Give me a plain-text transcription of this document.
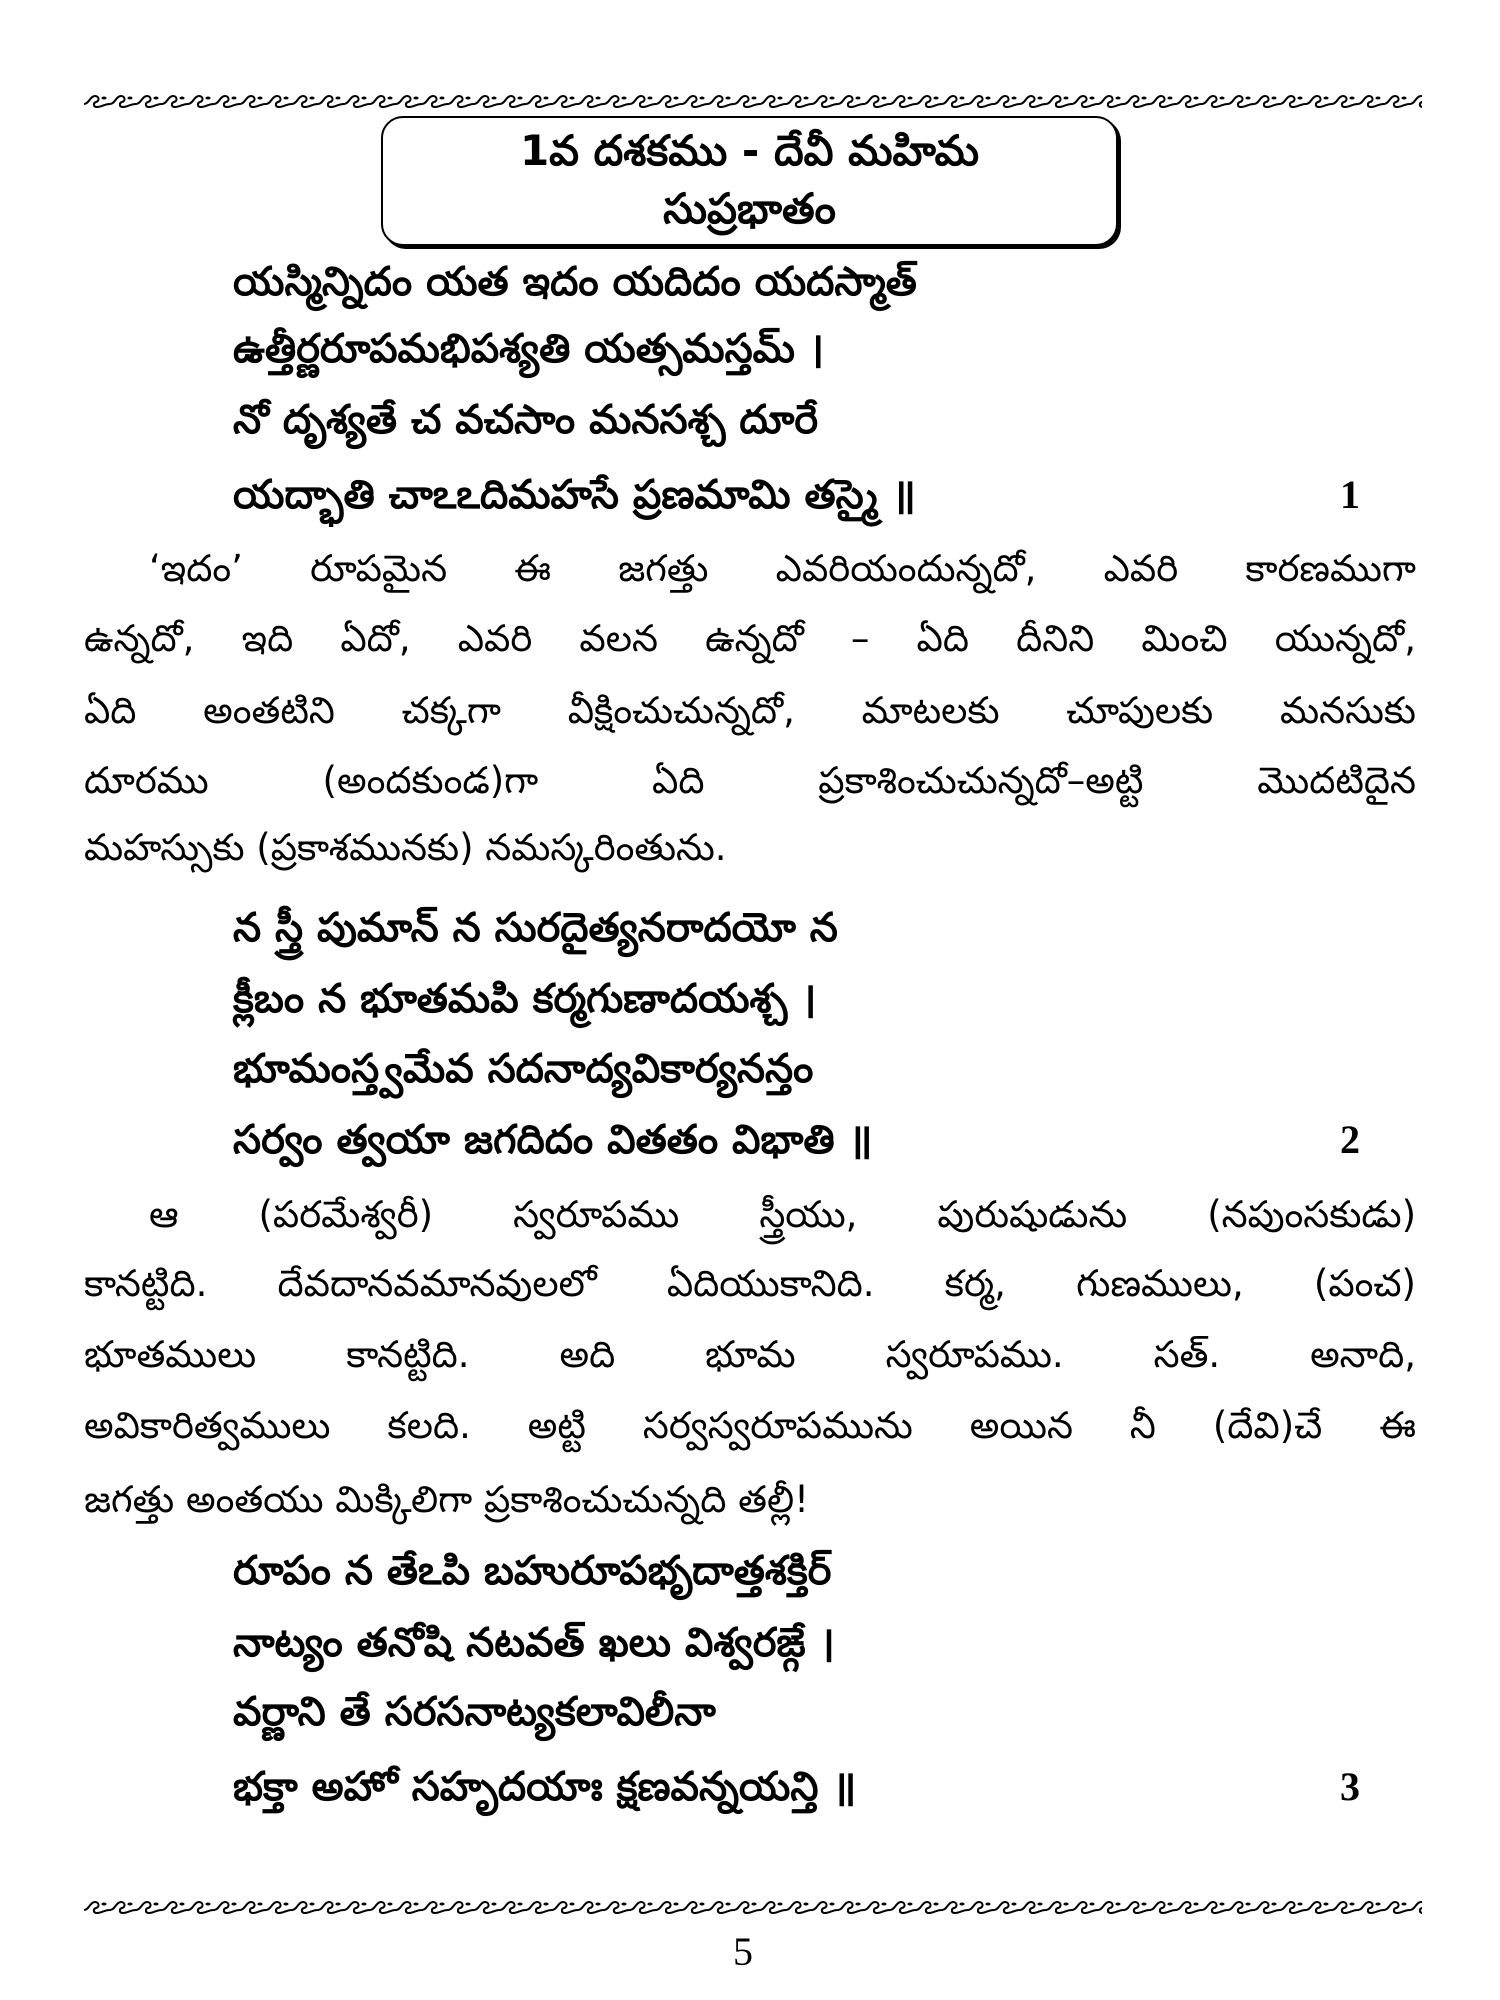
1వ దశకము - దేవీ మహిమ
సుప్రభాతం
యస్మిన్నిదం యత ఇదం యదిదం యదస్మాత్
ఉత్తీర్ణరూపమభిపశ్యతి యత్సమస్తమ్ ।
నో దృశ్యతే చ వచసాం మనసశ్చ దూరే
యద్భాతి చాఽఽదిమహసే ప్రణమామి తస్మై ॥	1
‘ఇదం’ రూపమైన ఈ జగత్తు ఎవరియందున్నదో, ఎవరి కారణముగా
ఉన్నదో, ఇది ఏదో, ఎవరి వలన ఉన్నదో – ఏది దీనిని మించి యున్నదో,
ఏది అంతటిని చక్కగా వీక్షించుచున్నదో, మాటలకు చూపులకు మనసుకు
దూరము (అందకుండ)గా ఏది ప్రకాశించుచున్నదో–అట్టి మొదటిదైన
మహస్సుకు (ప్రకాశమునకు) నమస్కరింతును.
న స్త్రీ పుమాన్ న సురదైత్యనరాదయో న
క్లీబం న భూతమపి కర్మగుణాదయశ్చ ।
భూమంస్త్వమేవ సదనాద్యవికార్యనన్తం
సర్వం త్వయా జగదిదం వితతం విభాతి ॥	2
ఆ (పరమేశ్వరీ) స్వరూపము స్త్రీయు, పురుషుడును (నపుంసకుడు)
కానట్టిది. దేవదానవమానవులలో ఏదియుకానిది. కర్మ, గుణములు, (పంచ)
భూతములు కానట్టిది. అది భూమ స్వరూపము. సత్. అనాది,
అవికారిత్వములు కలది. అట్టి సర్వస్వరూపమును అయిన నీ (దేవి)చే ఈ
జగత్తు అంతయు మిక్కిలిగా ప్రకాశించుచున్నది తల్లీ!
రూపం న తేఽపి బహురూపభృదాత్తశక్తిర్
నాట్యం తనోషి నటవత్ ఖలు విశ్వరఙ్గే ।
వర్ణాని తే సరసనాట్యకలావిలీనా
భక్తా అహో సహృదయాః క్షణవన్నయన్తి ॥	3
5
